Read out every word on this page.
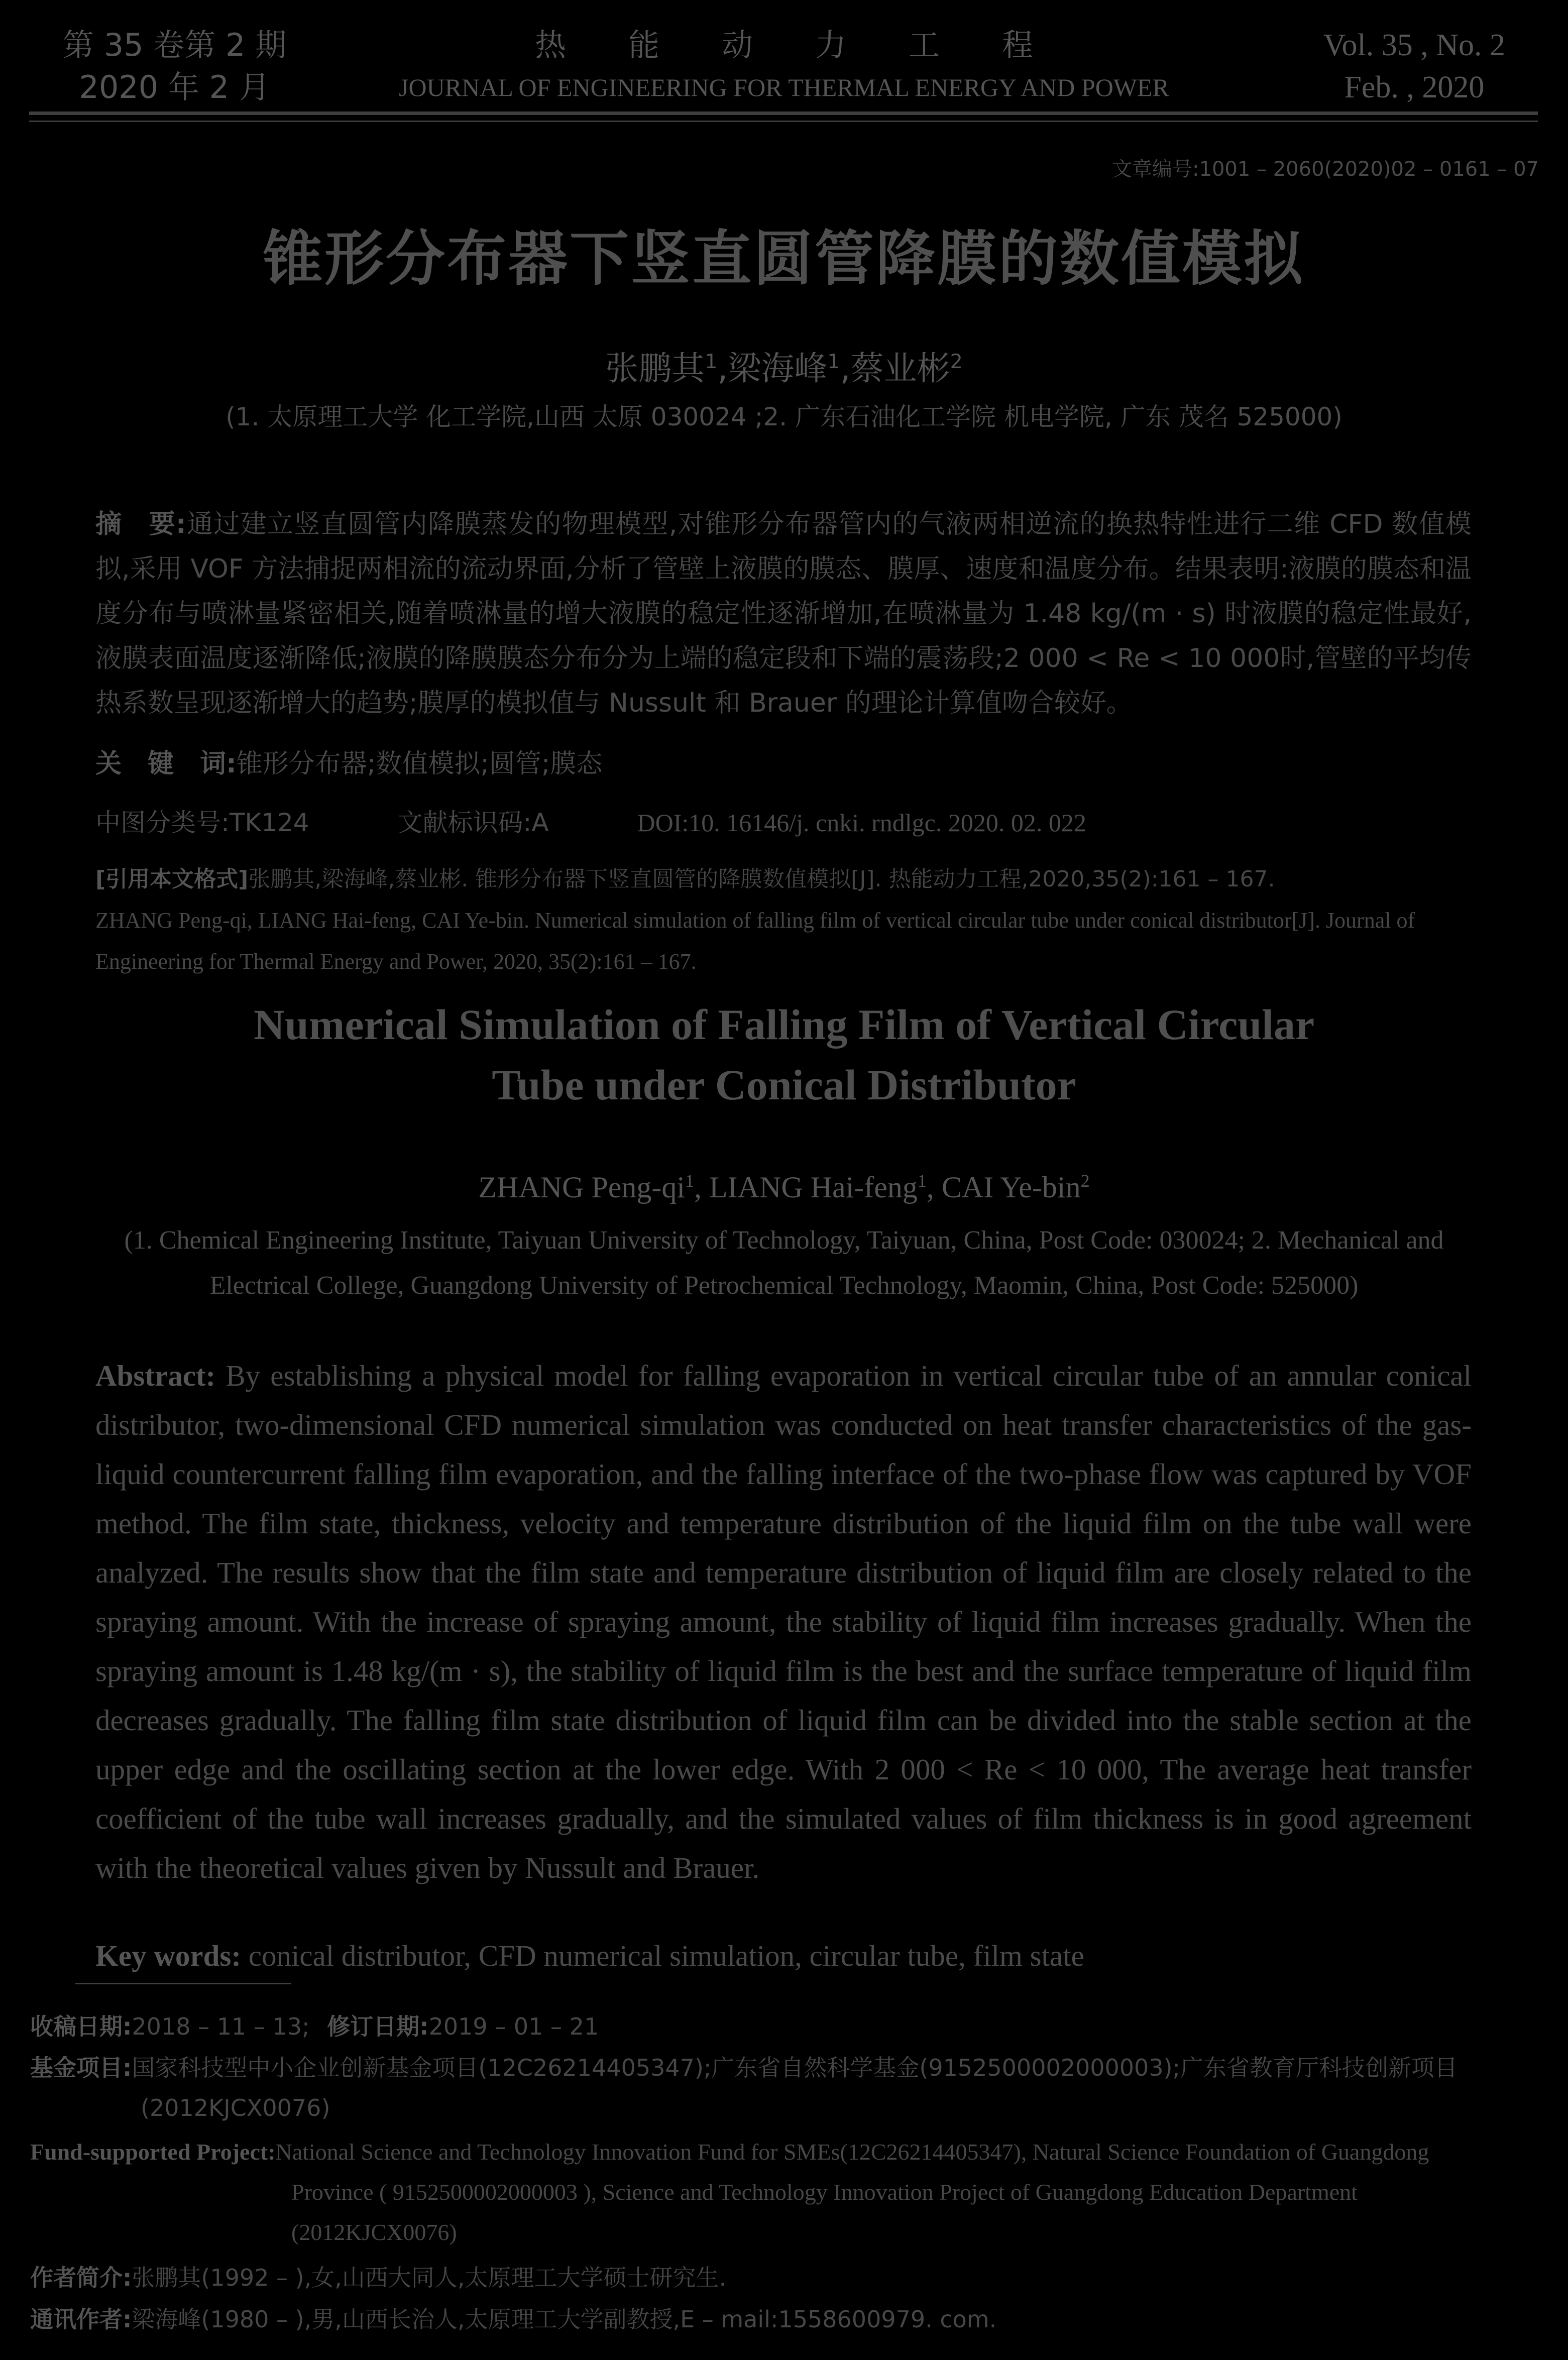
第 35 卷第 2 期
2020 年 2 月
热　　能　　动　　力　　工　　程
JOURNAL OF ENGINEERING FOR THERMAL ENERGY AND POWER
Vol. 35 , No. 2
Feb. , 2020
文章编号:1001 – 2060(2020)02 – 0161 – 07
锥形分布器下竖直圆管降膜的数值模拟
张鹏其$^1$,梁海峰$^1$,蔡业彬$^2$
(1. 太原理工大学 化工学院,山西 太原 030024 ;2. 广东石油化工学院 机电学院, 广东 茂名 525000)
摘　要:通过建立竖直圆管内降膜蒸发的物理模型,对锥形分布器管内的气液两相逆流的换热特性进行二维 CFD 数值模拟,采用 VOF 方法捕捉两相流的流动界面,分析了管壁上液膜的膜态、膜厚、速度和温度分布。结果表明:液膜的膜态和温度分布与喷淋量紧密相关,随着喷淋量的增大液膜的稳定性逐渐增加,在喷淋量为 1.48 kg/(m · s) 时液膜的稳定性最好,液膜表面温度逐渐降低;液膜的降膜膜态分布分为上端的稳定段和下端的震荡段;2 000 < Re < 10 000时,管壁的平均传热系数呈现逐渐增大的趋势;膜厚的模拟值与 Nussult 和 Brauer 的理论计算值吻合较好。
关　键　词:锥形分布器;数值模拟;圆管;膜态
中图分类号:TK124	文献标识码:A	DOI:10. 16146/j. cnki. rndlgc. 2020. 02. 022
[引用本文格式]张鹏其,梁海峰,蔡业彬. 锥形分布器下竖直圆管的降膜数值模拟[J]. 热能动力工程,2020,35(2):161 – 167.
ZHANG Peng-qi, LIANG Hai-feng, CAI Ye-bin. Numerical simulation of falling film of vertical circular tube under conical distributor[J]. Journal of Engineering for Thermal Energy and Power, 2020, 35(2):161 – 167.
Numerical Simulation of Falling Film of Vertical Circular
Tube under Conical Distributor
ZHANG Peng-$qi^1$, LIANG Hai-feng$^1$, CAI Ye-bin$^2$
(1. Chemical Engineering Institute, Taiyuan University of Technology, Taiyuan, China, Post Code: 030024; 2. Mechanical and Electrical College, Guangdong University of Petrochemical Technology, Maomin, China, Post Code: 525000)
Abstract: By establishing a physical model for falling evaporation in vertical circular tube of an annular conical distributor, two-dimensional CFD numerical simulation was conducted on heat transfer characteristics of the gas-liquid countercurrent falling film evaporation, and the falling interface of the two-phase flow was captured by VOF method. The film state, thickness, velocity and temperature distribution of the liquid film on the tube wall were analyzed. The results show that the film state and temperature distribution of liquid film are closely related to the spraying amount. With the increase of spraying amount, the stability of liquid film increases gradually. When the spraying amount is 1.48 kg/(m · s), the stability of liquid film is the best and the surface temperature of liquid film decreases gradually. The falling film state distribution of liquid film can be divided into the stable section at the upper edge and the oscillating section at the lower edge. With 2 000 < Re < 10 000, The average heat transfer coefficient of the tube wall increases gradually, and the simulated values of film thickness is in good agreement with the theoretical values given by Nussult and Brauer.
Key words: conical distributor, CFD numerical simulation, circular tube, film state
收稿日期:2018 – 11 – 13; 修订日期:2019 – 01 – 21
基金项目:国家科技型中小企业创新基金项目(12C26214405347);广东省自然科学基金(9152500002000003);广东省教育厅科技创新项目
(2012KJCX0076)
Fund-supported Project:National Science and Technology Innovation Fund for SMEs(12C26214405347), Natural Science Foundation of Guangdong
Province ( 9152500002000003 ), Science and Technology Innovation Project of Guangdong Education Department
(2012KJCX0076)
作者简介:张鹏其(1992 – ),女,山西大同人,太原理工大学硕士研究生.
通讯作者:梁海峰(1980 – ),男,山西长治人,太原理工大学副教授,E – mail:1558600979. com.
